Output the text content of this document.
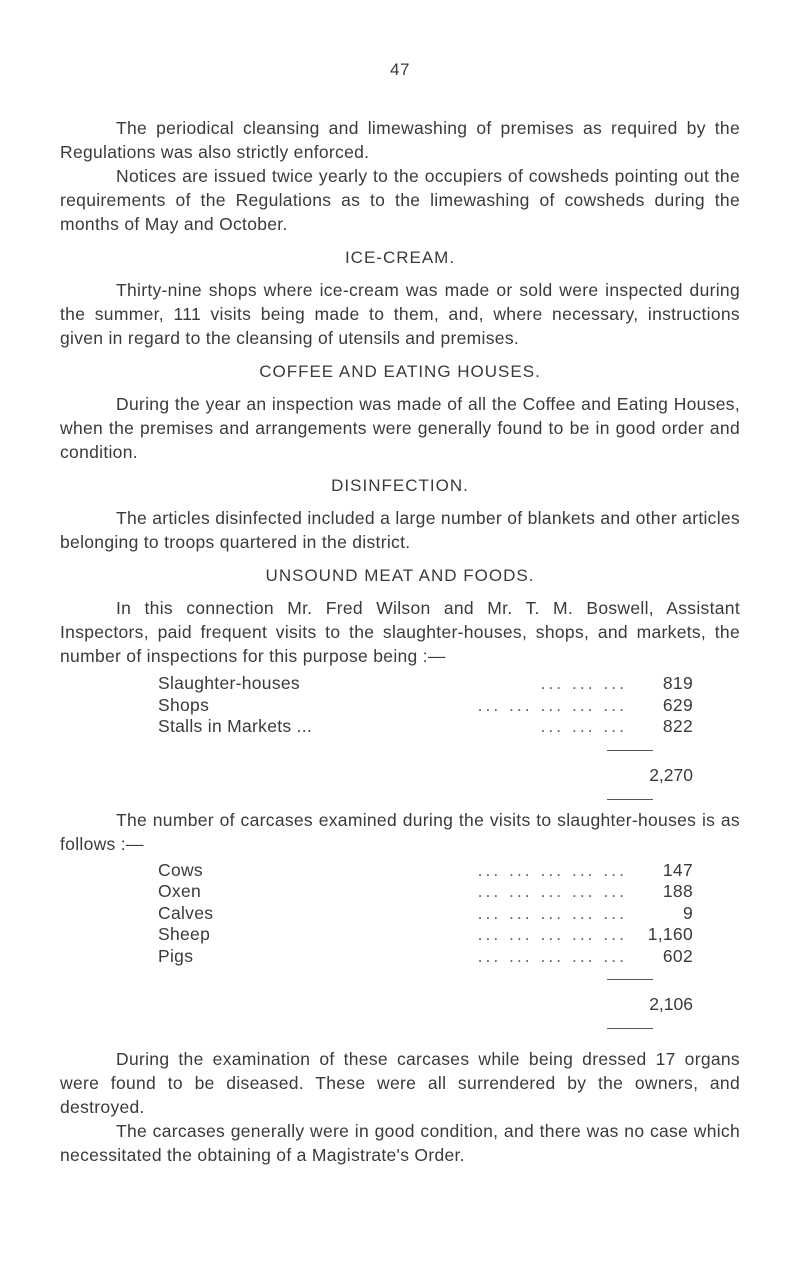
47

The periodical cleansing and limewashing of premises as required by the Regulations was also strictly enforced.

Notices are issued twice yearly to the occupiers of cowsheds pointing out the requirements of the Regulations as to the limewashing of cowsheds during the months of May and October.

ICE-CREAM.

Thirty-nine shops where ice-cream was made or sold were inspected during the summer, 111 visits being made to them, and, where necessary, instructions given in regard to the cleansing of utensils and premises.

COFFEE AND EATING HOUSES.

During the year an inspection was made of all the Coffee and Eating Houses, when the premises and arrangements were generally found to be in good order and condition.

DISINFECTION.

The articles disinfected included a large number of blankets and other articles belonging to troops quartered in the district.

UNSOUND MEAT AND FOODS.

In this connection Mr. Fred Wilson and Mr. T. M. Boswell, Assistant Inspectors, paid frequent visits to the slaughter-houses, shops, and markets, the number of inspections for this purpose being :—

Slaughter-houses	... ... ...	819
Shops	... ... ... ... ...	629
Stalls in Markets ...	... ... ...	822
2,270

The number of carcases examined during the visits to slaughter-houses is as follows :—

Cows	... ... ... ... ...	147
Oxen	... ... ... ... ...	188
Calves	... ... ... ... ...	9
Sheep	... ... ... ... ...	1,160
Pigs	... ... ... ... ...	602
2,106

During the examination of these carcases while being dressed 17 organs were found to be diseased. These were all surrendered by the owners, and destroyed.

The carcases generally were in good condition, and there was no case which necessitated the obtaining of a Magistrate's Order.
